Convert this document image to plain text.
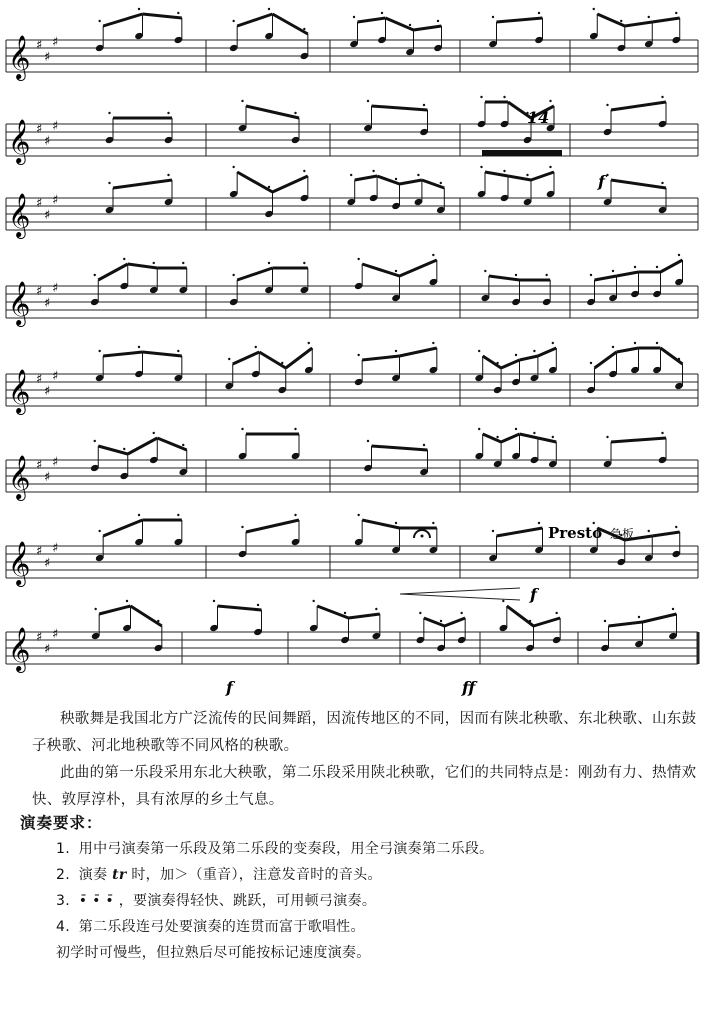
𝄞 ♯
♯
♯
𝄞 ♯
♯
♯
𝄞 ♯
♯
♯
𝄞 ♯
♯
♯
𝄞 ♯
♯
♯
𝄞 ♯
♯
♯
𝄞 ♯
♯
♯
𝄞 ♯
♯
♯
14
f
Presto 急板
f
f	ff

秧歌舞是我国北方广泛流传的民间舞蹈，因流传地区的不同，因而有陕北秧歌、东北秧歌、山东鼓子秧歌、河北地秧歌等不同风格的秧歌。

此曲的第一乐段采用东北大秧歌，第二乐段采用陕北秧歌，它们的共同特点是：刚劲有力、热情欢快、敦厚淳朴，具有浓厚的乡土气息。

演奏要求：

1. 用中弓演奏第一乐段及第二乐段的变奏段，用全弓演奏第二乐段。
2. 演奏 tr 时，加＞（重音），注意发音时的音头。
3. •̄ •̄ •̄ ，要演奏得轻快、跳跃，可用顿弓演奏。
4. 第二乐段连弓处要演奏的连贯而富于歌唱性。

初学时可慢些，但拉熟后尽可能按标记速度演奏。
